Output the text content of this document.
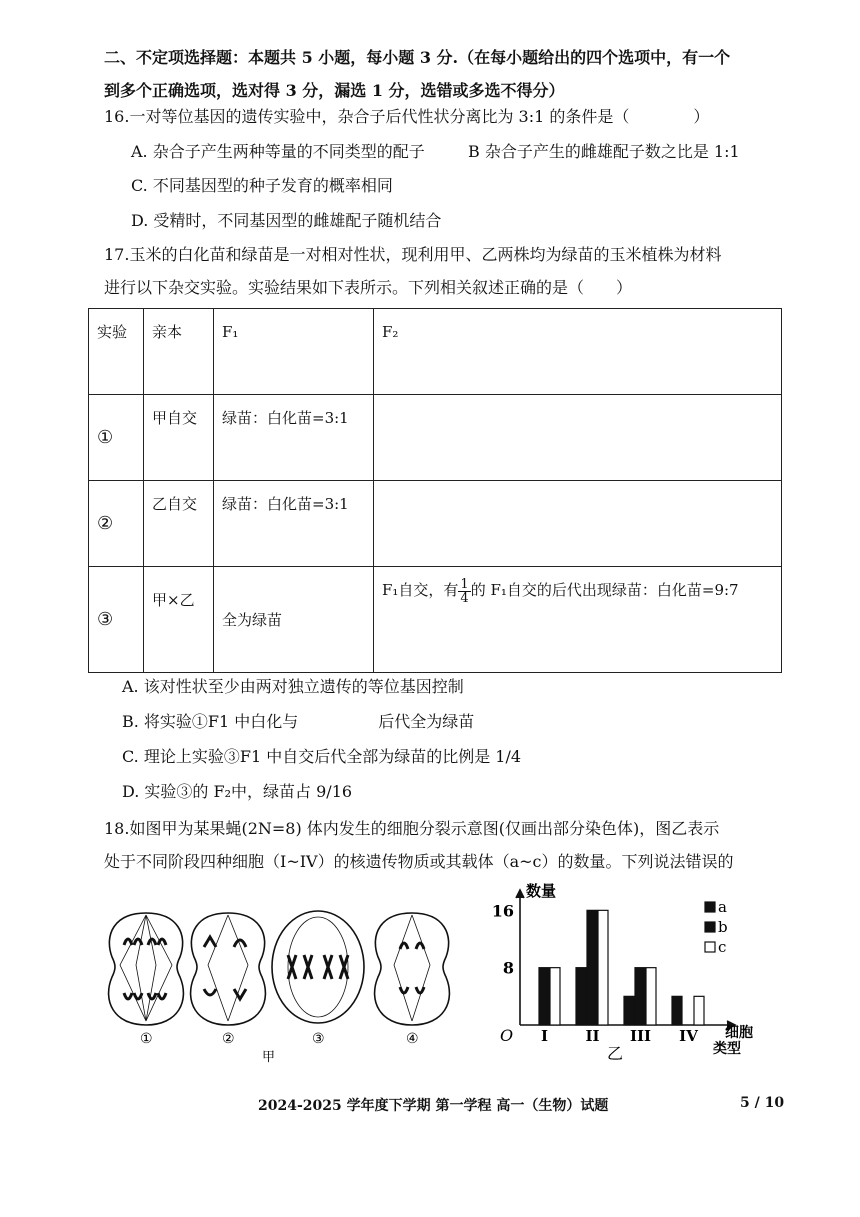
二、不定项选择题：本题共 5 小题，每小题 3 分.（在每小题给出的四个选项中，有一个
到多个正确选项，选对得 3 分，漏选 1 分，选错或多选不得分）
16.一对等位基因的遗传实验中，杂合子后代性状分离比为 3:1 的条件是（　　　　）
A. 杂合子产生两种等量的不同类型的配子	B 杂合子产生的雌雄配子数之比是 1:1
C. 不同基因型的种子发育的概率相同
D. 受精时，不同基因型的雌雄配子随机结合
17.玉米的白化苗和绿苗是一对相对性状，现利用甲、乙两株均为绿苗的玉米植株为材料
进行以下杂交实验。实验结果如下表所示。下列相关叙述正确的是（　　）
实验	亲本	F₁	F₂
①	甲自交	绿苗：白化苗=3:1	
②	乙自交	绿苗：白化苗=3:1	
③	甲×乙	全为绿苗	F₁自交，有 $\frac{1}{4}$ 的 F₁自交的后代出现绿苗：白化苗=9:7
A. 该对性状至少由两对独立遗传的等位基因控制
B. 将实验①F1 中白化与　　　　　后代全为绿苗
C. 理论上实验③F1 中自交后代全部为绿苗的比例是 1/4
D. 实验③的 F₂中，绿苗占 9/16
18.如图甲为某果蝇(2N=8) 体内发生的细胞分裂示意图(仅画出部分染色体)，图乙表示
处于不同阶段四种细胞（I~IV）的核遗传物质或其载体（a~c）的数量。下列说法错误的
①	②	③	④
甲
8
16
O
数量
细胞
类型
I II III IV
a
b
c
乙
2024-2025 学年度下学期 第一学程 高一（生物）试题	5 / 10
